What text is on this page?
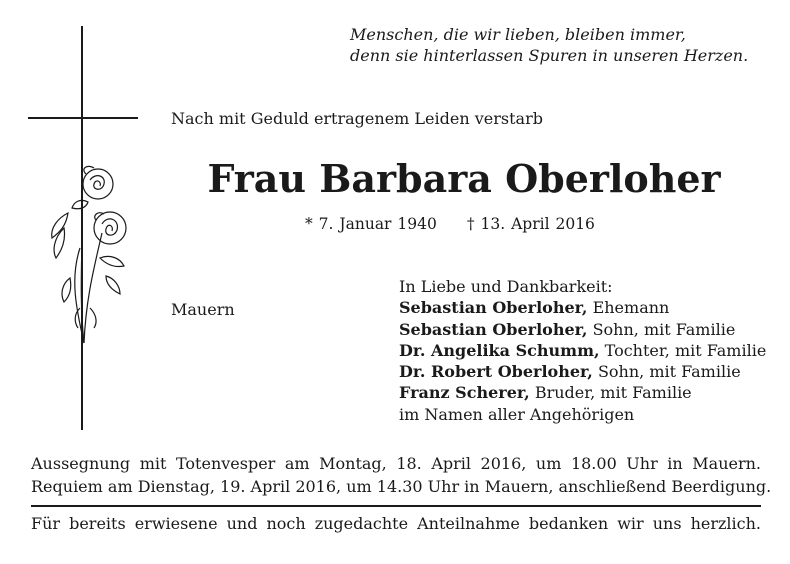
Menschen, die wir lieben, bleiben immer,
denn sie hinterlassen Spuren in unseren Herzen.
Nach mit Geduld ertragenem Leiden verstarb
Frau Barbara Oberloher
* 7. Januar 1940 † 13. April 2016
Mauern
In Liebe und Dankbarkeit:
Sebastian Oberloher, Ehemann
Sebastian Oberloher, Sohn, mit Familie
Dr. Angelika Schumm, Tochter, mit Familie
Dr. Robert Oberloher, Sohn, mit Familie
Franz Scherer, Bruder, mit Familie
im Namen aller Angehörigen
Aussegnung mit Totenvesper am Montag, 18. April 2016, um 18.00 Uhr in Mauern.
Requiem am Dienstag, 19. April 2016, um 14.30 Uhr in Mauern, anschließend Beerdigung.
Für bereits erwiesene und noch zugedachte Anteilnahme bedanken wir uns herzlich.
